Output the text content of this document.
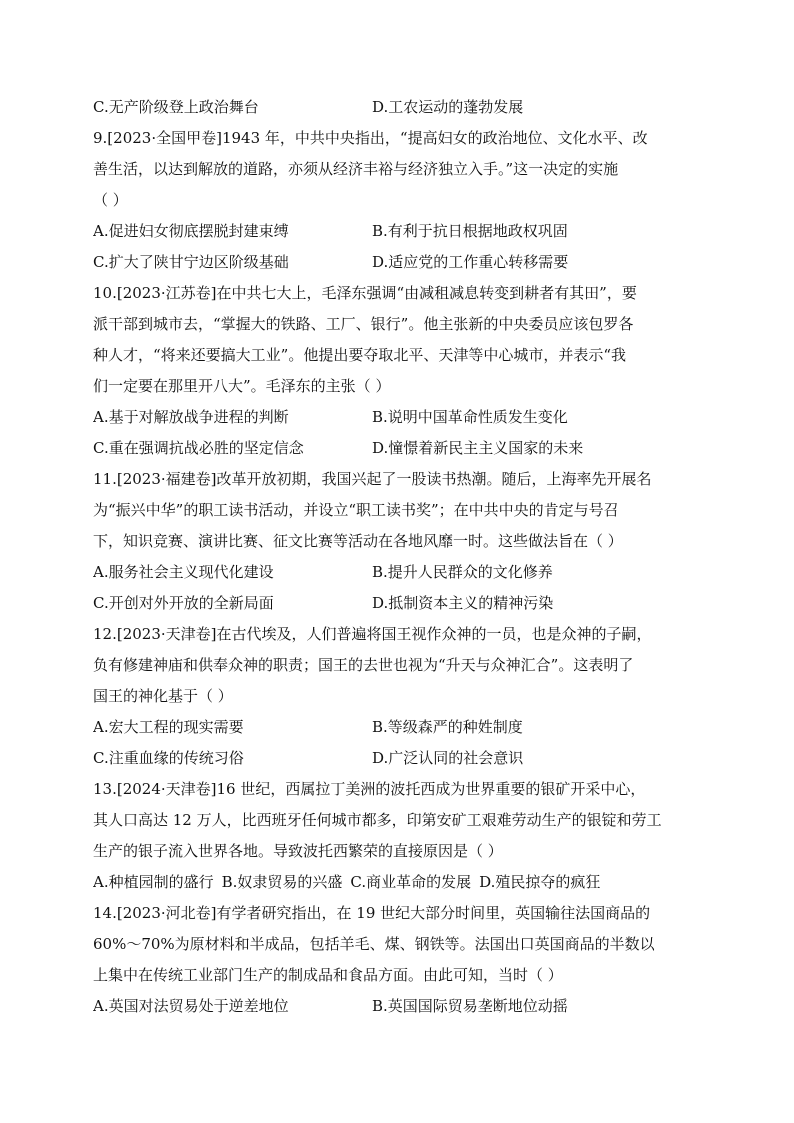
C.无产阶级登上政治舞台	D.工农运动的蓬勃发展
9.[2023·全国甲卷]1943 年，中共中央指出，“提高妇女的政治地位、文化水平、改
善生活，以达到解放的道路，亦须从经济丰裕与经济独立入手。”这一决定的实施
（ ）
A.促进妇女彻底摆脱封建束缚	B.有利于抗日根据地政权巩固
C.扩大了陕甘宁边区阶级基础	D.适应党的工作重心转移需要
10.[2023·江苏卷]在中共七大上，毛泽东强调“由减租减息转变到耕者有其田”，要
派干部到城市去，“掌握大的铁路、工厂、银行”。他主张新的中央委员应该包罗各
种人才，“将来还要搞大工业”。他提出要夺取北平、天津等中心城市，并表示“我
们一定要在那里开八大”。毛泽东的主张（ ）
A.基于对解放战争进程的判断	B.说明中国革命性质发生变化
C.重在强调抗战必胜的坚定信念	D.憧憬着新民主主义国家的未来
11.[2023·福建卷]改革开放初期，我国兴起了一股读书热潮。随后，上海率先开展名
为“振兴中华”的职工读书活动，并设立“职工读书奖”；在中共中央的肯定与号召
下，知识竞赛、演讲比赛、征文比赛等活动在各地风靡一时。这些做法旨在（ ）
A.服务社会主义现代化建设	B.提升人民群众的文化修养
C.开创对外开放的全新局面	D.抵制资本主义的精神污染
12.[2023·天津卷]在古代埃及，人们普遍将国王视作众神的一员，也是众神的子嗣，
负有修建神庙和供奉众神的职责；国王的去世也视为“升天与众神汇合”。这表明了
国王的神化基于（ ）
A.宏大工程的现实需要	B.等级森严的种姓制度
C.注重血缘的传统习俗	D.广泛认同的社会意识
13.[2024·天津卷]16 世纪，西属拉丁美洲的波托西成为世界重要的银矿开采中心，
其人口高达 12 万人，比西班牙任何城市都多，印第安矿工艰难劳动生产的银锭和劳工
生产的银子流入世界各地。导致波托西繁荣的直接原因是（ ）
A.种植园制的盛行 B.奴隶贸易的兴盛 C.商业革命的发展 D.殖民掠夺的疯狂
14.[2023·河北卷]有学者研究指出，在 19 世纪大部分时间里，英国输往法国商品的
60%～70%为原材料和半成品，包括羊毛、煤、钢铁等。法国出口英国商品的半数以
上集中在传统工业部门生产的制成品和食品方面。由此可知，当时（ ）
A.英国对法贸易处于逆差地位	B.英国国际贸易垄断地位动摇
